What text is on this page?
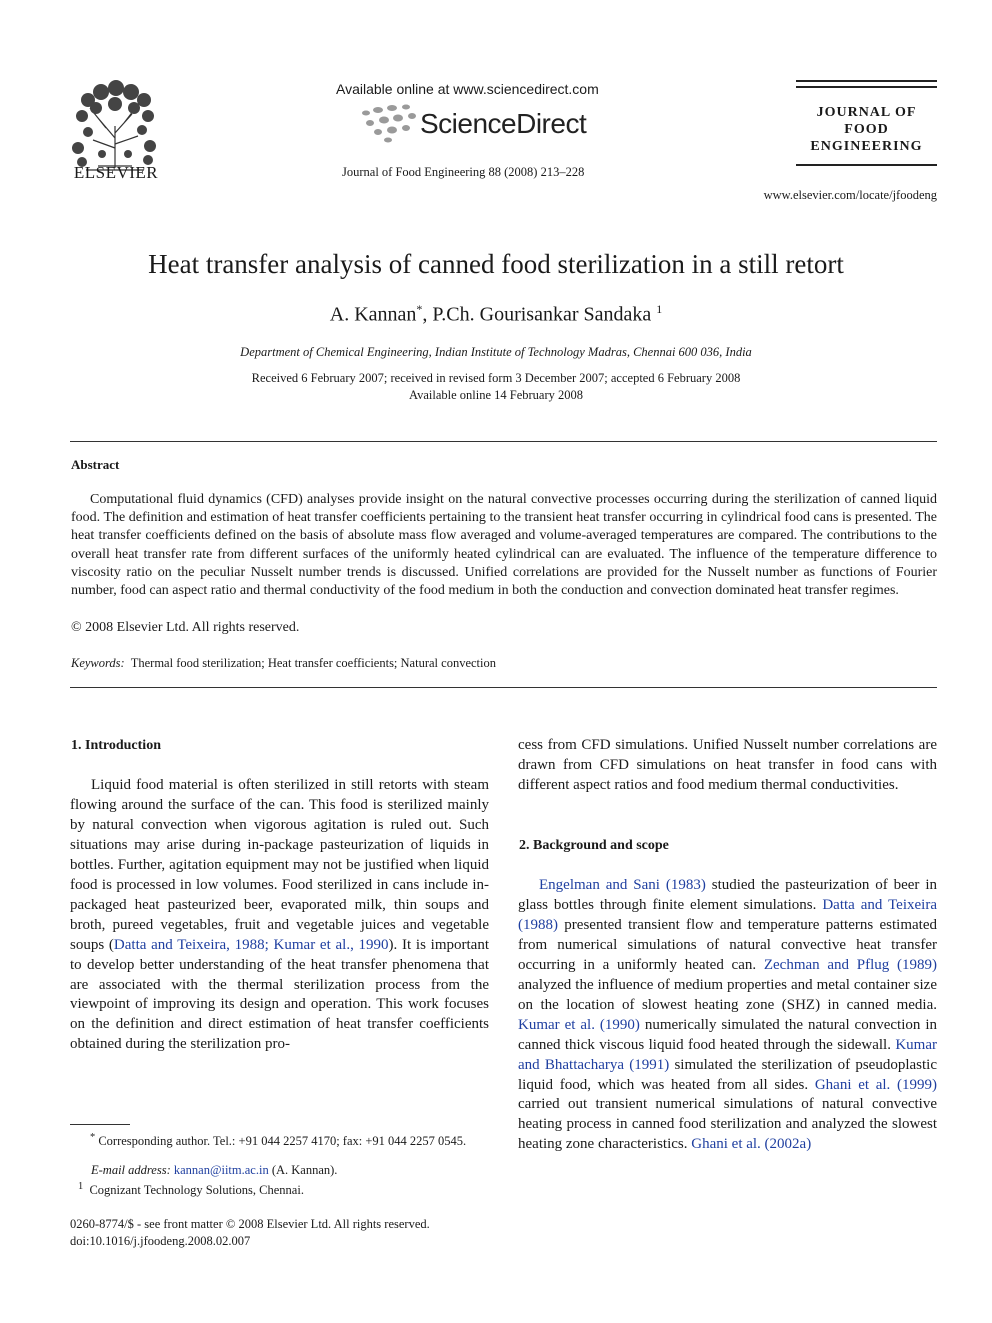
ELSEVIER
Available online at www.sciencedirect.com
ScienceDirect
Journal of Food Engineering 88 (2008) 213–228
JOURNAL OF
FOOD
ENGINEERING
www.elsevier.com/locate/jfoodeng
Heat transfer analysis of canned food sterilization in a still retort
A. Kannan*, P.Ch. Gourisankar Sandaka $^1$
Department of Chemical Engineering, Indian Institute of Technology Madras, Chennai 600 036, India
Received 6 February 2007; received in revised form 3 December 2007; accepted 6 February 2008
Available online 14 February 2008
Abstract

Computational fluid dynamics (CFD) analyses provide insight on the natural convective processes occurring during the sterilization of canned liquid food. The definition and estimation of heat transfer coefficients pertaining to the transient heat transfer occurring in cylindrical food cans is presented. The heat transfer coefficients defined on the basis of absolute mass flow averaged and volume-averaged temperatures are compared. The contributions to the overall heat transfer rate from different surfaces of the uniformly heated cylindrical can are evaluated. The influence of the temperature difference to viscosity ratio on the peculiar Nusselt number trends is discussed. Unified correlations are provided for the Nusselt number as functions of Fourier number, food can aspect ratio and thermal conductivity of the food medium in both the conduction and convection dominated heat transfer regimes.

© 2008 Elsevier Ltd. All rights reserved.
Keywords: Thermal food sterilization; Heat transfer coefficients; Natural convection
1. Introduction

Liquid food material is often sterilized in still retorts with steam flowing around the surface of the can. This food is sterilized mainly by natural convection when vigorous agitation is ruled out. Such situations may arise during in-package pasteurization of liquids in bottles. Further, agitation equipment may not be justified when liquid food is processed in low volumes. Food sterilized in cans include in-packaged heat pasteurized beer, evaporated milk, thin soups and broth, pureed vegetables, fruit and vegetable juices and vegetable soups (Datta and Teixeira, 1988; Kumar et al., 1990). It is important to develop better understanding of the heat transfer phenomena that are associated with the thermal sterilization process from the viewpoint of improving its design and operation. This work focuses on the definition and direct estimation of heat transfer coefficients obtained during the sterilization pro-

cess from CFD simulations. Unified Nusselt number correlations are drawn from CFD simulations on heat transfer in food cans with different aspect ratios and food medium thermal conductivities.

2. Background and scope

Engelman and Sani (1983) studied the pasteurization of beer in glass bottles through finite element simulations. Datta and Teixeira (1988) presented transient flow and temperature patterns estimated from numerical simulations of natural convective heat transfer occurring in a uniformly heated can. Zechman and Pflug (1989) analyzed the influence of medium properties and metal container size on the location of slowest heating zone (SHZ) in canned media. Kumar et al. (1990) numerically simulated the natural convection in canned thick viscous liquid food heated through the sidewall. Kumar and Bhattacharya (1991) simulated the sterilization of pseudoplastic liquid food, which was heated from all sides. Ghani et al. (1999) carried out transient numerical simulations of natural convective heating process in canned food sterilization and analyzed the slowest heating zone characteristics. Ghani et al. (2002a)

* Corresponding author. Tel.: +91 044 2257 4170; fax: +91 044 2257 0545.
E-mail address: kannan@iitm.ac.in (A. Kannan).
$^1$ Cognizant Technology Solutions, Chennai.
0260-8774/$ - see front matter © 2008 Elsevier Ltd. All rights reserved.
doi:10.1016/j.jfoodeng.2008.02.007
